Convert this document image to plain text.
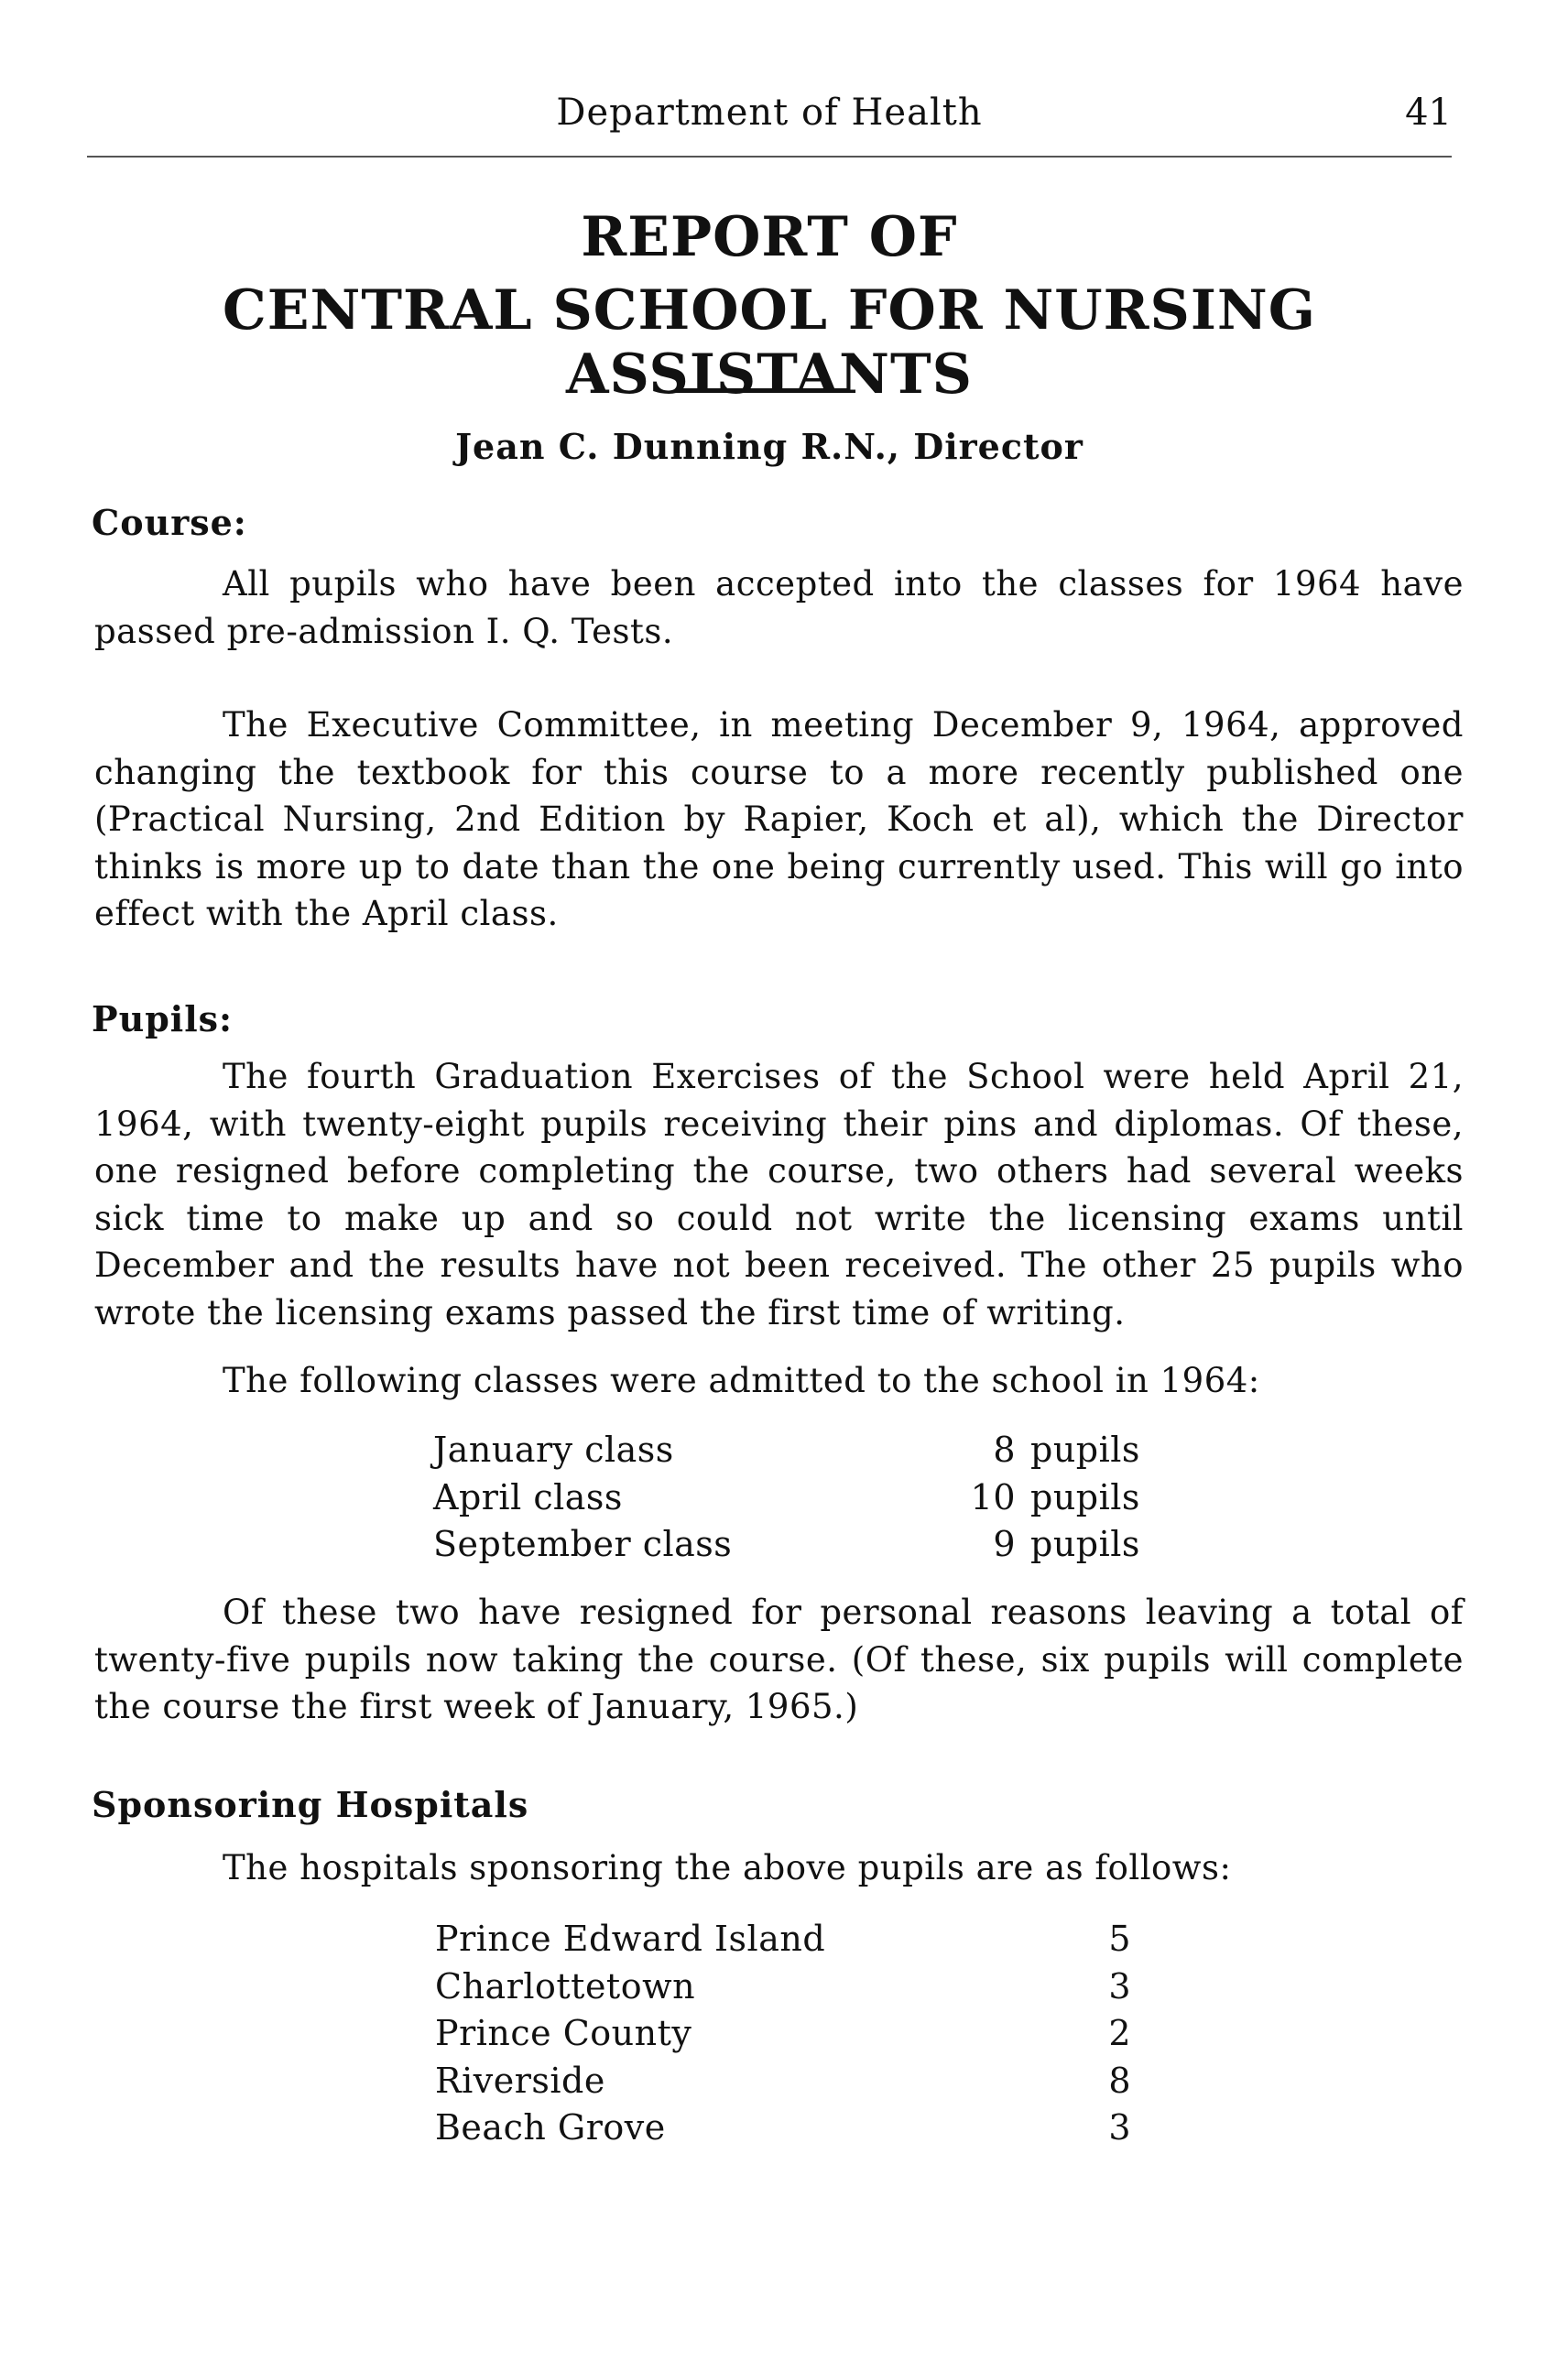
Department of Health	41
REPORT OF
CENTRAL SCHOOL FOR NURSING ASSISTANTS
Jean C. Dunning R.N., Director
Course:

All pupils who have been accepted into the classes for 1964 have passed pre-admission I. Q. Tests.

The Executive Committee, in meeting December 9, 1964, approved changing the textbook for this course to a more recently published one (Practical Nursing, 2nd Edition by Rapier, Koch et al), which the Director thinks is more up to date than the one being currently used. This will go into effect with the April class.

Pupils:

The fourth Graduation Exercises of the School were held April 21, 1964, with twenty-eight pupils receiving their pins and diplomas. Of these, one resigned before completing the course, two others had several weeks sick time to make up and so could not write the licensing exams until December and the results have not been received. The other 25 pupils who wrote the licensing exams passed the first time of writing.

The following classes were admitted to the school in 1964:

January class	8	pupils
April class	10	pupils
September class	9	pupils

Of these two have resigned for personal reasons leaving a total of twenty-five pupils now taking the course. (Of these, six pupils will complete the course the first week of January, 1965.)

Sponsoring Hospitals

The hospitals sponsoring the above pupils are as follows:

Prince Edward Island	5
Charlottetown	3
Prince County	2
Riverside	8
Beach Grove	3
